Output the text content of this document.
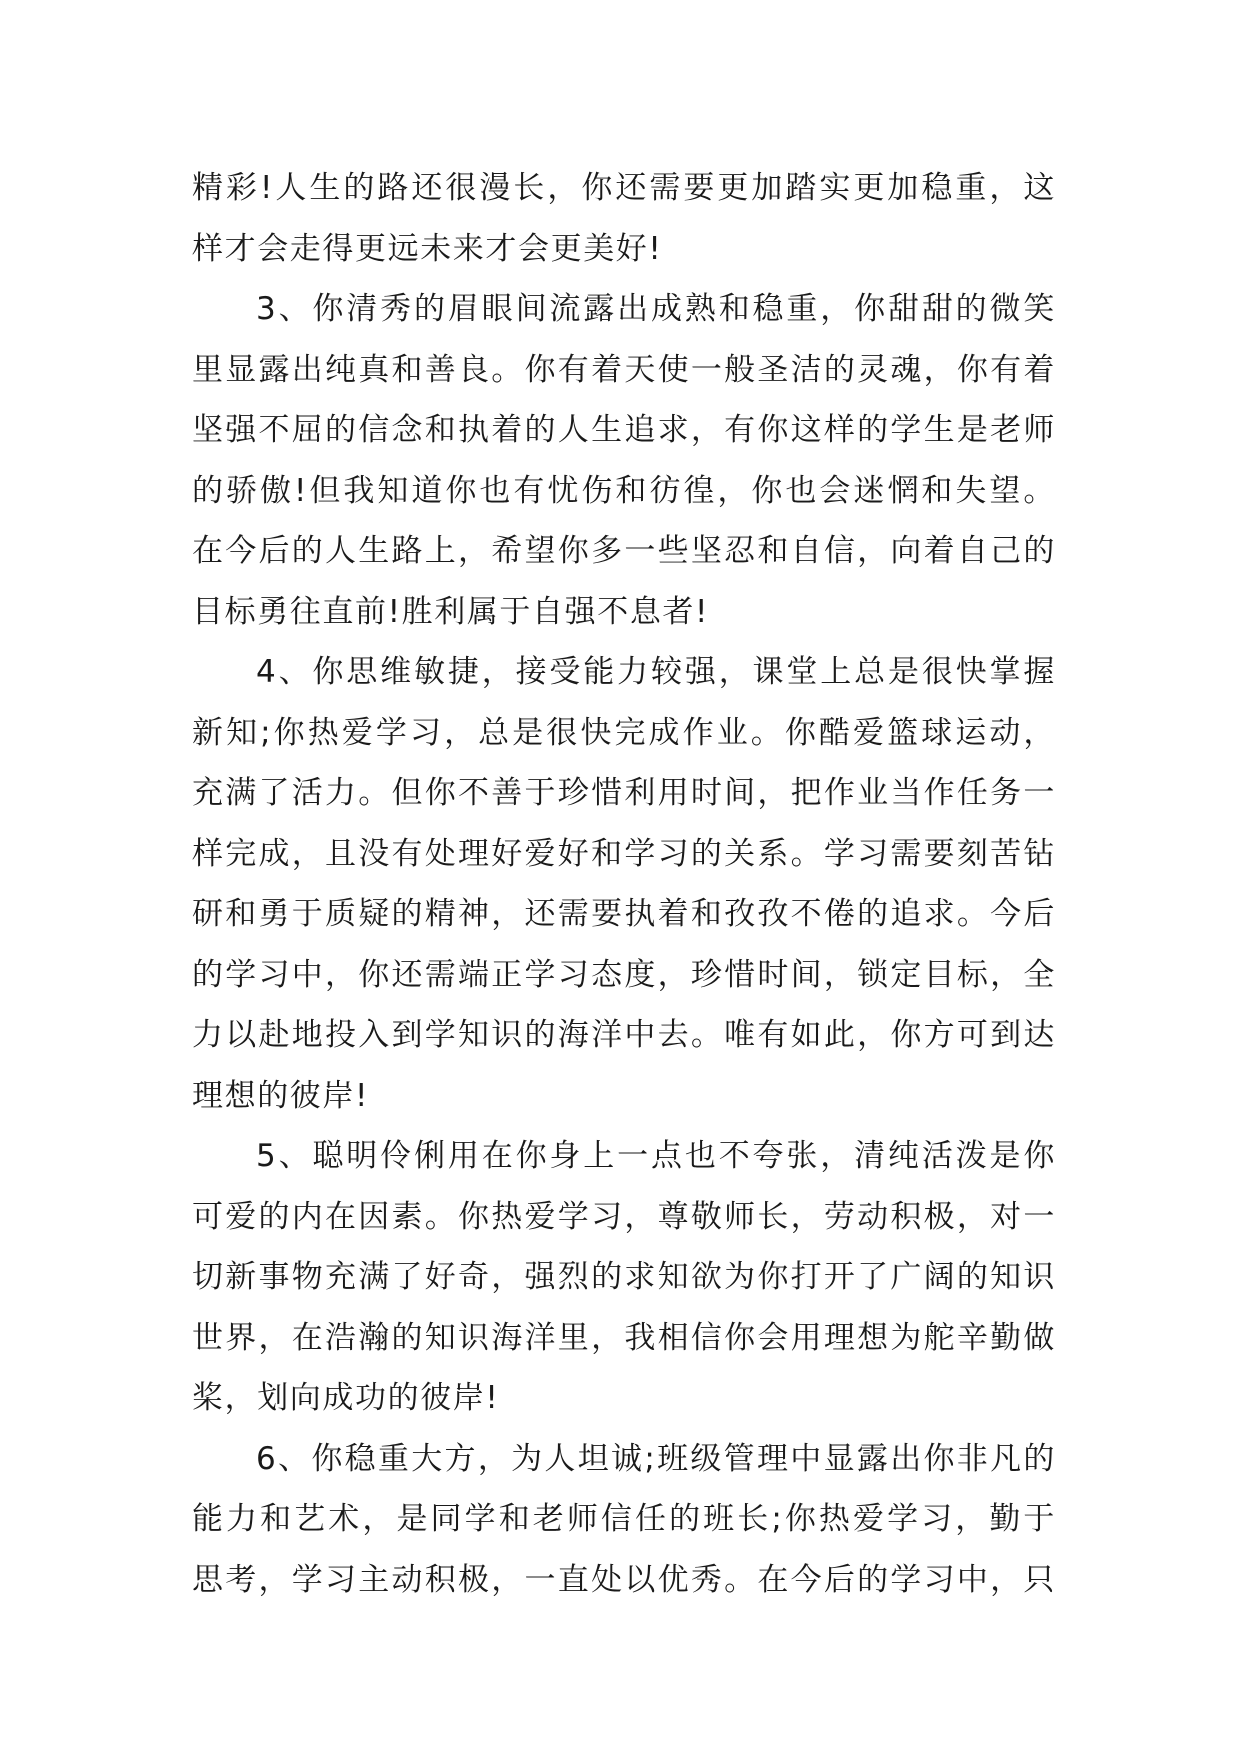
精彩!人生的路还很漫长，你还需要更加踏实更加稳重，这
样才会走得更远未来才会更美好!
3、你清秀的眉眼间流露出成熟和稳重，你甜甜的微笑
里显露出纯真和善良。你有着天使一般圣洁的灵魂，你有着
坚强不屈的信念和执着的人生追求，有你这样的学生是老师
的骄傲!但我知道你也有忧伤和彷徨，你也会迷惘和失望。
在今后的人生路上，希望你多一些坚忍和自信，向着自己的
目标勇往直前!胜利属于自强不息者!
4、你思维敏捷，接受能力较强，课堂上总是很快掌握
新知;你热爱学习，总是很快完成作业。你酷爱篮球运动，
充满了活力。但你不善于珍惜利用时间，把作业当作任务一
样完成，且没有处理好爱好和学习的关系。学习需要刻苦钻
研和勇于质疑的精神，还需要执着和孜孜不倦的追求。今后
的学习中，你还需端正学习态度，珍惜时间，锁定目标，全
力以赴地投入到学知识的海洋中去。唯有如此，你方可到达
理想的彼岸!
5、聪明伶俐用在你身上一点也不夸张，清纯活泼是你
可爱的内在因素。你热爱学习，尊敬师长，劳动积极，对一
切新事物充满了好奇，强烈的求知欲为你打开了广阔的知识
世界，在浩瀚的知识海洋里，我相信你会用理想为舵辛勤做
桨，划向成功的彼岸!
6、你稳重大方，为人坦诚;班级管理中显露出你非凡的
能力和艺术，是同学和老师信任的班长;你热爱学习，勤于
思考，学习主动积极，一直处以优秀。在今后的学习中，只
